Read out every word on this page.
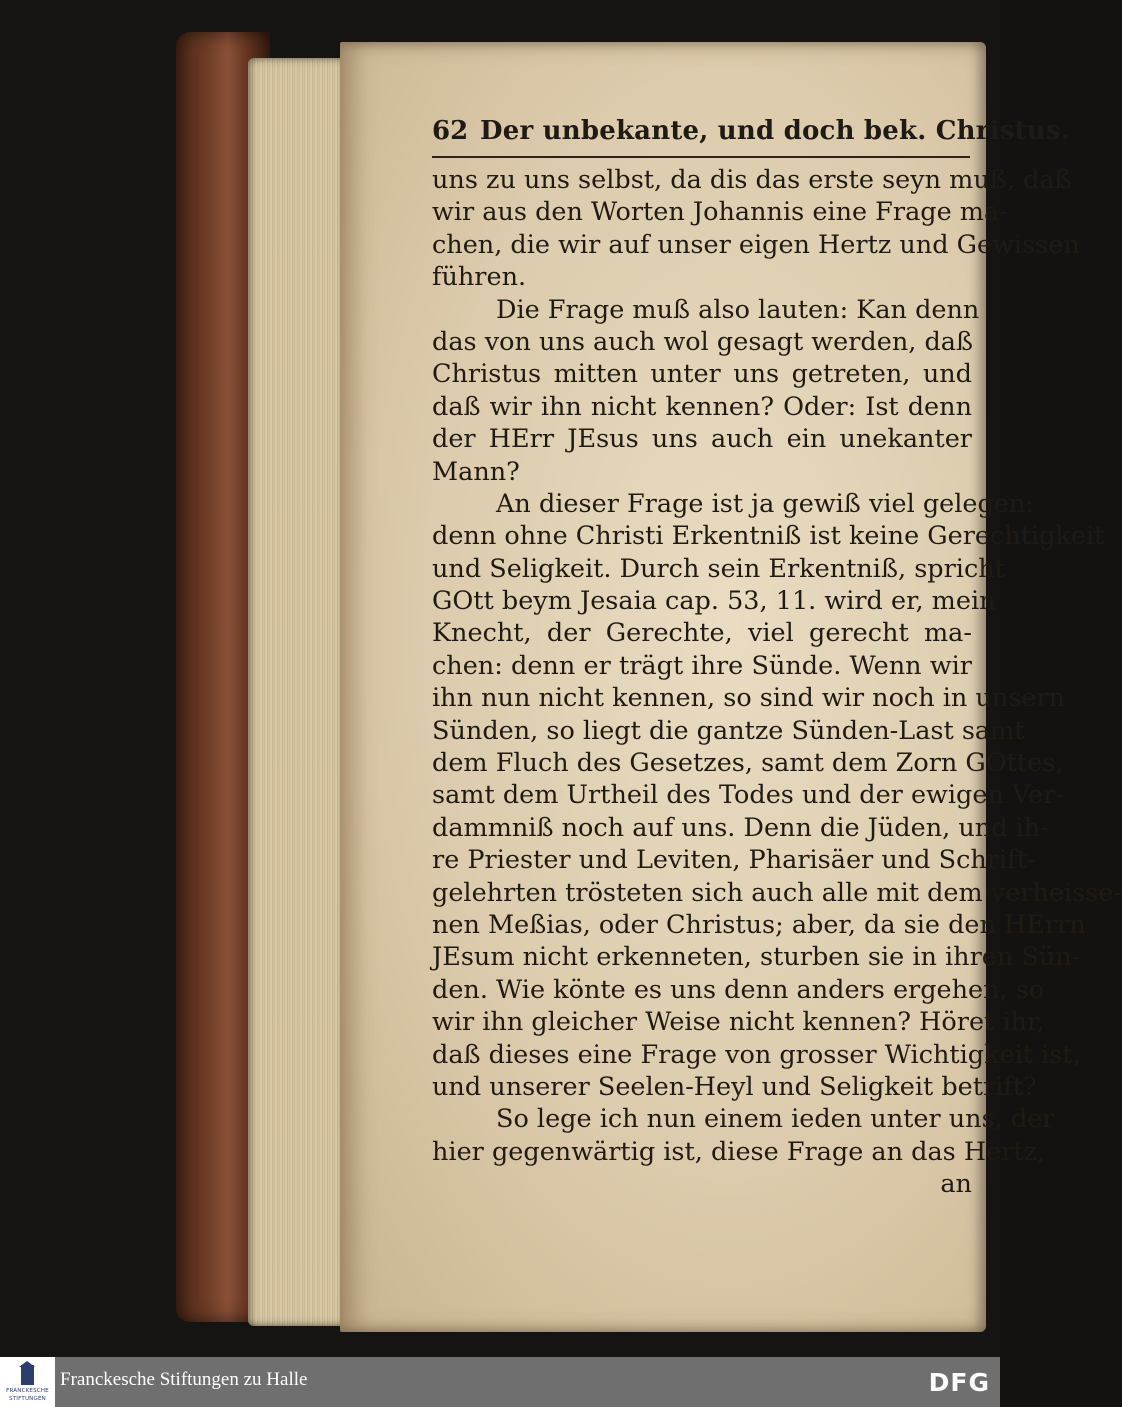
62 Der unbekante, und doch bek. Christus.
uns zu uns selbst, da dis das erste seyn muß, daß
wir aus den Worten Johannis eine Frage ma-
chen, die wir auf unser eigen Hertz und Gewissen
führen.
Die Frage muß also lauten: Kan denn
das von uns auch wol gesagt werden, daß
Christus mitten unter uns getreten, und
daß wir ihn nicht kennen? Oder: Ist denn
der HErr JEsus uns auch ein unekanter
Mann?
An dieser Frage ist ja gewiß viel gelegen:
denn ohne Christi Erkentniß ist keine Gerechtigkeit
und Seligkeit. Durch sein Erkentniß, spricht
GOtt beym Jesaia cap. 53, 11. wird er, mein
Knecht, der Gerechte, viel gerecht ma-
chen: denn er trägt ihre Sünde. Wenn wir
ihn nun nicht kennen, so sind wir noch in unsern
Sünden, so liegt die gantze Sünden-Last samt
dem Fluch des Gesetzes, samt dem Zorn GOttes,
samt dem Urtheil des Todes und der ewigen Ver-
dammniß noch auf uns. Denn die Jüden, und ih-
re Priester und Leviten, Pharisäer und Schrift-
gelehrten trösteten sich auch alle mit dem verheisse-
nen Meßias, oder Christus; aber, da sie den HErrn
JEsum nicht erkenneten, sturben sie in ihren Sün-
den. Wie könte es uns denn anders ergehen, so
wir ihn gleicher Weise nicht kennen? Höret ihr,
daß dieses eine Frage von grosser Wichtigkeit ist,
und unserer Seelen-Heyl und Seligkeit betrift?
So lege ich nun einem ieden unter uns, der
hier gegenwärtig ist, diese Frage an das Hertz,
an
FRANCKESCHE
STIFTUNGEN
Franckesche Stiftungen zu Halle	DFG
